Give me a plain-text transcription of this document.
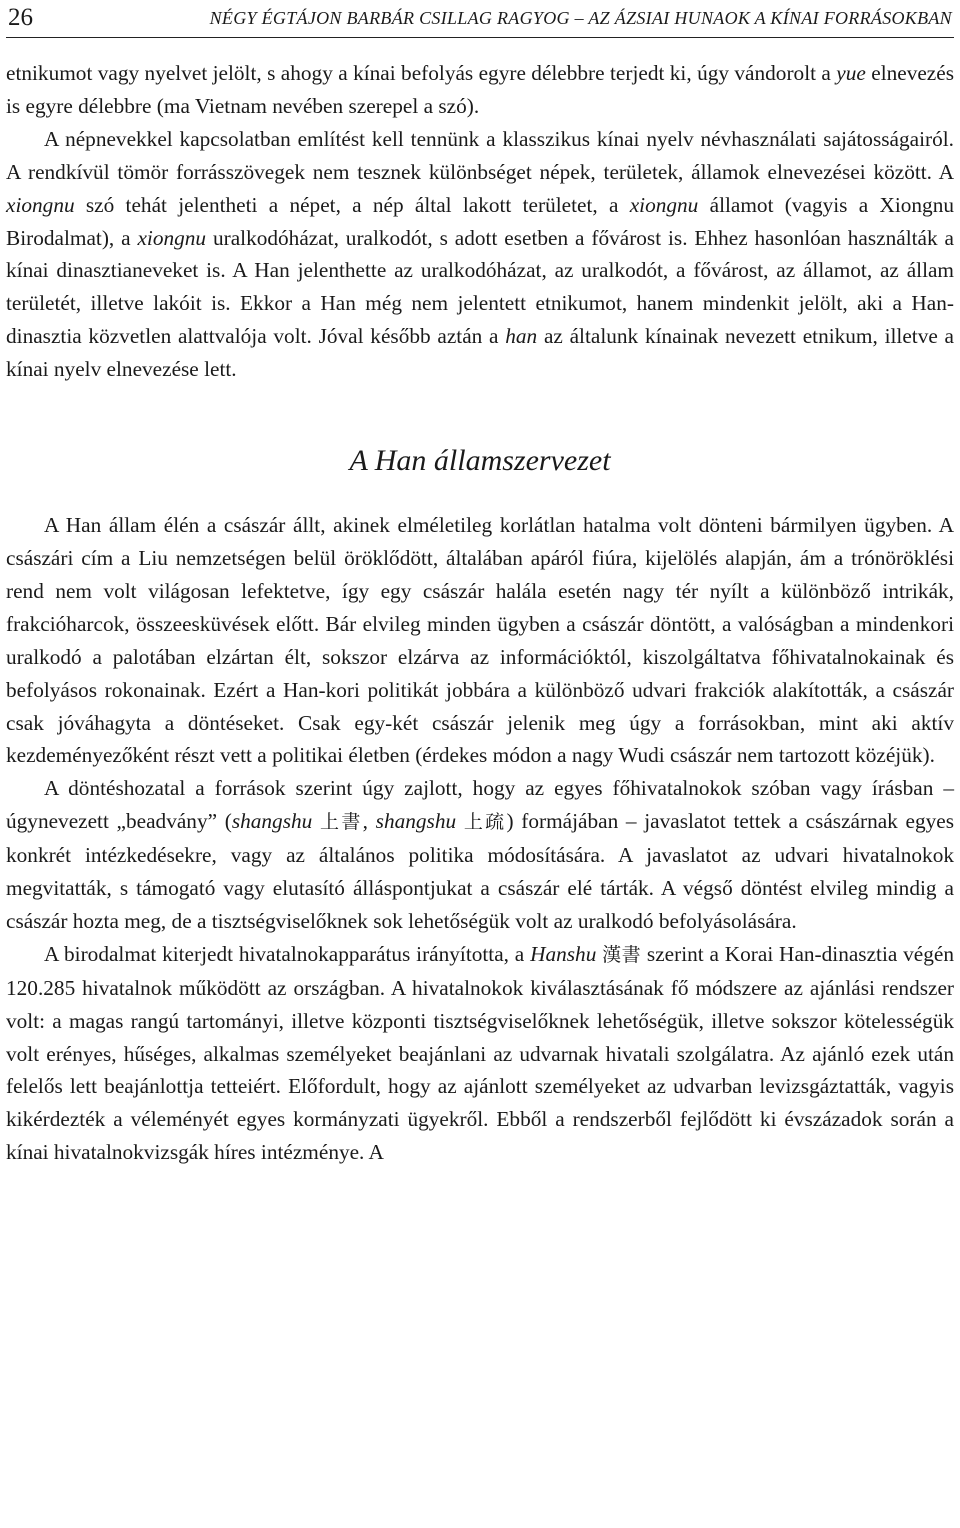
26	NÉGY ÉGTÁJON BARBÁR CSILLAG RAGYOG – AZ ÁZSIAI HUNAOK A KÍNAI FORRÁSOKBAN

etnikumot vagy nyelvet jelölt, s ahogy a kínai befolyás egyre délebbre terjedt ki, úgy vándorolt a yue elnevezés is egyre délebbre (ma Vietnam nevében szerepel a szó).

A népnevekkel kapcsolatban említést kell tennünk a klasszikus kínai nyelv névhasználati sajátosságairól. A rendkívül tömör forrásszövegek nem tesznek különbséget népek, területek, államok elnevezései között. A xiongnu szó tehát jelentheti a népet, a nép által lakott területet, a xiongnu államot (vagyis a Xiongnu Birodalmat), a xiongnu uralkodóházat, uralkodót, s adott esetben a fővárost is. Ehhez hasonlóan használták a kínai dinasztianeveket is. A Han jelenthette az uralkodóházat, az uralkodót, a fővárost, az államot, az állam területét, illetve lakóit is. Ekkor a Han még nem jelentett etnikumot, hanem mindenkit jelölt, aki a Han-dinasztia közvetlen alattvalója volt. Jóval később aztán a han az általunk kínainak nevezett etnikum, illetve a kínai nyelv elnevezése lett.

A Han államszervezet

A Han állam élén a császár állt, akinek elméletileg korlátlan hatalma volt dönteni bármilyen ügyben. A császári cím a Liu nemzetségen belül öröklődött, általában apáról fiúra, kijelölés alapján, ám a trónöröklési rend nem volt világosan lefektetve, így egy császár halála esetén nagy tér nyílt a különböző intrikák, frakcióharcok, összeesküvések előtt. Bár elvileg minden ügyben a császár döntött, a valóságban a mindenkori uralkodó a palotában elzártan élt, sokszor elzárva az információktól, kiszolgáltatva főhivatalnokainak és befolyásos rokonainak. Ezért a Han-kori politikát jobbára a különböző udvari frakciók alakították, a császár csak jóváhagyta a döntéseket. Csak egy-két császár jelenik meg úgy a forrásokban, mint aki aktív kezdeményezőként részt vett a politikai életben (érdekes módon a nagy Wudi császár nem tartozott közéjük).

A döntéshozatal a források szerint úgy zajlott, hogy az egyes főhivatalnokok szóban vagy írásban – úgynevezett „beadvány” (shangshu 上書, shangshu 上疏) formájában – javaslatot tettek a császárnak egyes konkrét intézkedésekre, vagy az általános politika módosítására. A javaslatot az udvari hivatalnokok megvitatták, s támogató vagy elutasító álláspontjukat a császár elé tárták. A végső döntést elvileg mindig a császár hozta meg, de a tisztségviselőknek sok lehetőségük volt az uralkodó befolyásolására.

A birodalmat kiterjedt hivatalnokapparátus irányította, a Hanshu 漢書 szerint a Korai Han-dinasztia végén 120.285 hivatalnok működött az országban. A hivatalnokok kiválasztásának fő módszere az ajánlási rendszer volt: a magas rangú tartományi, illetve központi tisztségviselőknek lehetőségük, illetve sokszor kötelességük volt erényes, hűséges, alkalmas személyeket beajánlani az udvarnak hivatali szolgálatra. Az ajánló ezek után felelős lett beajánlottja tetteiért. Előfordult, hogy az ajánlott személyeket az udvarban levizsgáztatták, vagyis kikérdezték a véleményét egyes kormányzati ügyekről. Ebből a rendszerből fejlődött ki évszázadok során a kínai hivatalnokvizsgák híres intézménye. A
